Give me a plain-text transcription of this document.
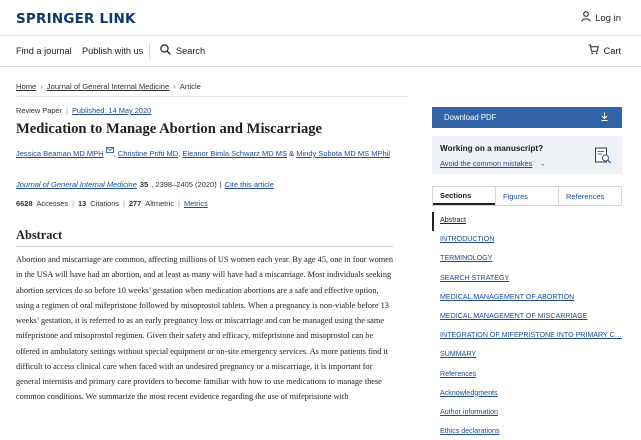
SPRINGER LINK	Log in
Find a journal Publish with us	Search	Cart
Home › Journal of General Internal Medicine › Article
Review Paper | Published: 14 May 2020
Medication to Manage Abortion and Miscarriage
Jessica Beaman MD MPH , Christine Prifti MD, Eleanor Bimla Schwarz MD MS & Mindy Sobota MD MS MPhil
Journal of General Internal Medicine 35 , 2398–2405 (2020) | Cite this article
6628 Accesses | 13 Citations | 277 Altmetric | Metrics
Abstract

Abortion and miscarriage are common, affecting millions of US women each year. By age 45, one in four women in the USA will have had an abortion, and at least as many will have had a miscarriage. Most individuals seeking abortion services do so before 10 weeks’ gestation when medication abortions are a safe and effective option, using a regimen of oral mifepristone followed by misoprostol tablets. When a pregnancy is non-viable before 13 weeks’ gestation, it is referred to as an early pregnancy loss or miscarriage and can be managed using the same mifepristone and misoprostol regimen. Given their safety and efficacy, mifepristone and misoprostol can be offered in ambulatory settings without special equipment or on-site emergency services. As more patients find it difficult to access clinical care when faced with an undesired pregnancy or a miscarriage, it is important for general internists and primary care providers to become familiar with how to use medications to manage these common conditions. We summarize the most recent evidence regarding the use of mifepristone with

Download PDF
Working on a manuscript?
Avoid the common mistakes →
Sections	Figures	References
Abstract
INTRODUCTION
TERMINOLOGY
SEARCH STRATEGY
MEDICAL MANAGEMENT OF ABORTION
MEDICAL MANAGEMENT OF MISCARRIAGE
INTEGRATION OF MIFEPRISTONE INTO PRIMARY C…
SUMMARY
References
Acknowledgments
Author information
Ethics declarations
